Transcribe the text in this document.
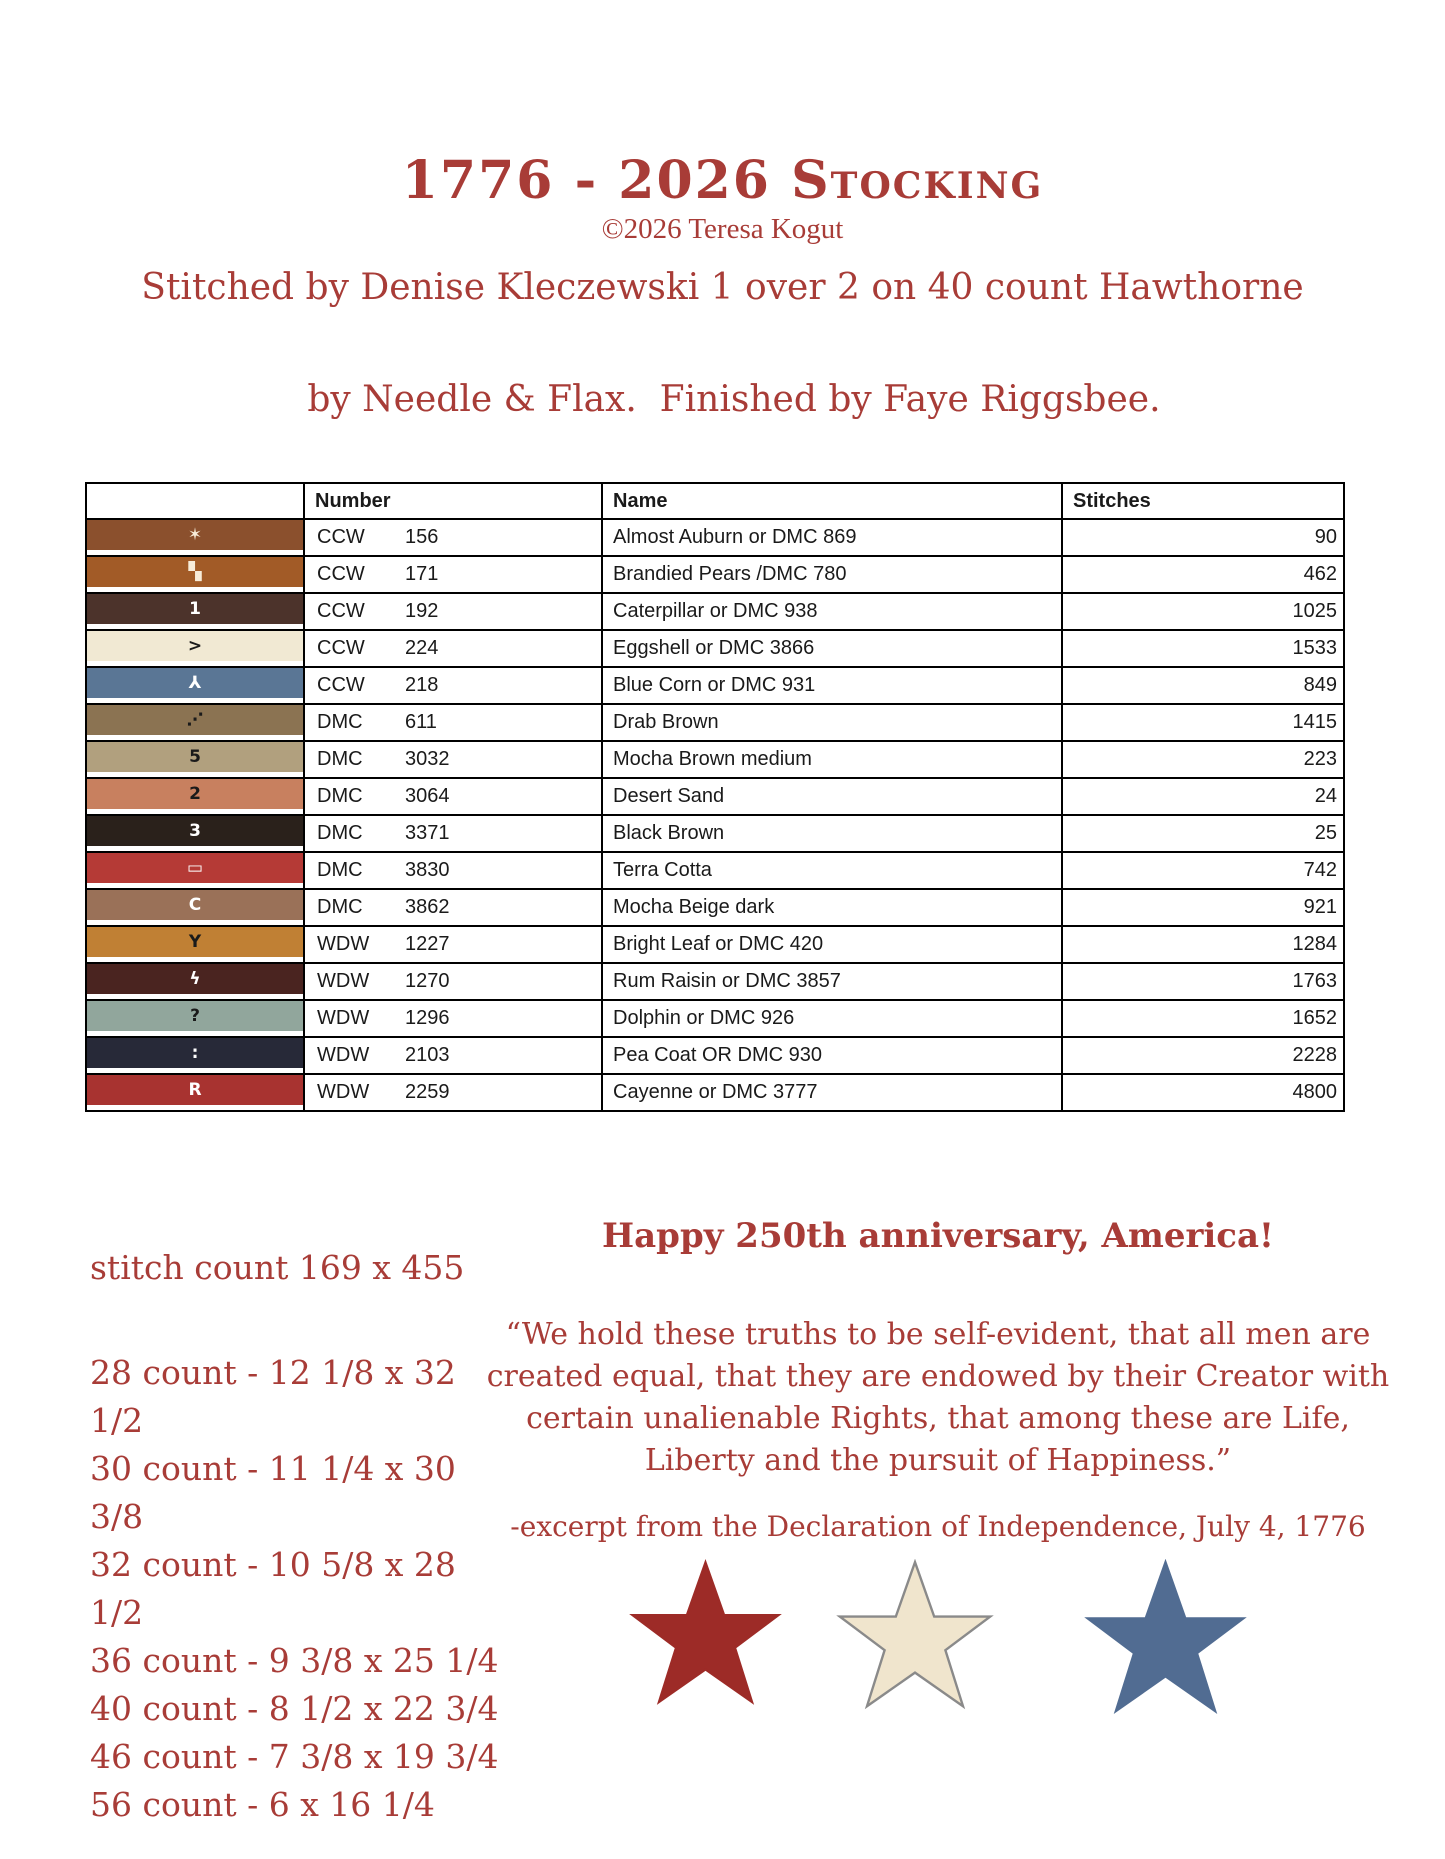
1776 - 2026 Stocking
©2026 Teresa Kogut
Stitched by Denise Kleczewski 1 over 2 on 40 count Hawthorne

by Needle & Flax.  Finished by Faye Riggsbee.
	Number	Name	Stitches

✶	CCW 156	Almost Auburn or DMC 869	90

▚	CCW 171	Brandied Pears /DMC 780	462

1	CCW 192	Caterpillar or DMC 938	1025

>	CCW 224	Eggshell or DMC 3866	1533

⅄	CCW 218	Blue Corn or DMC 931	849

⋰	DMC 611	Drab Brown	1415

5	DMC 3032	Mocha Brown medium	223

2	DMC 3064	Desert Sand	24

3	DMC 3371	Black Brown	25

▭	DMC 3830	Terra Cotta	742

C	DMC 3862	Mocha Beige dark	921

Y	WDW 1227	Bright Leaf or DMC 420	1284

ϟ	WDW 1270	Rum Raisin or DMC 3857	1763

?	WDW 1296	Dolphin or DMC 926	1652

:	WDW 2103	Pea Coat OR DMC 930	2228

R	WDW 2259	Cayenne or DMC 3777	4800
stitch count 169 x 455
28 count - 12 1/8 x 32 1/2
30 count - 11 1/4 x 30 3/8
32 count - 10 5/8 x 28 1/2
36 count - 9 3/8 x 25 1/4
40 count - 8 1/2 x 22 3/4
46 count - 7 3/8 x 19 3/4
56 count - 6 x 16 1/4
Happy 250th anniversary, America!
“We hold these truths to be self-evident, that all men are created equal, that they are endowed by their Creator with certain unalienable Rights, that among these are Life, Liberty and the pursuit of Happiness.”
-excerpt from the Declaration of Independence, July 4, 1776
